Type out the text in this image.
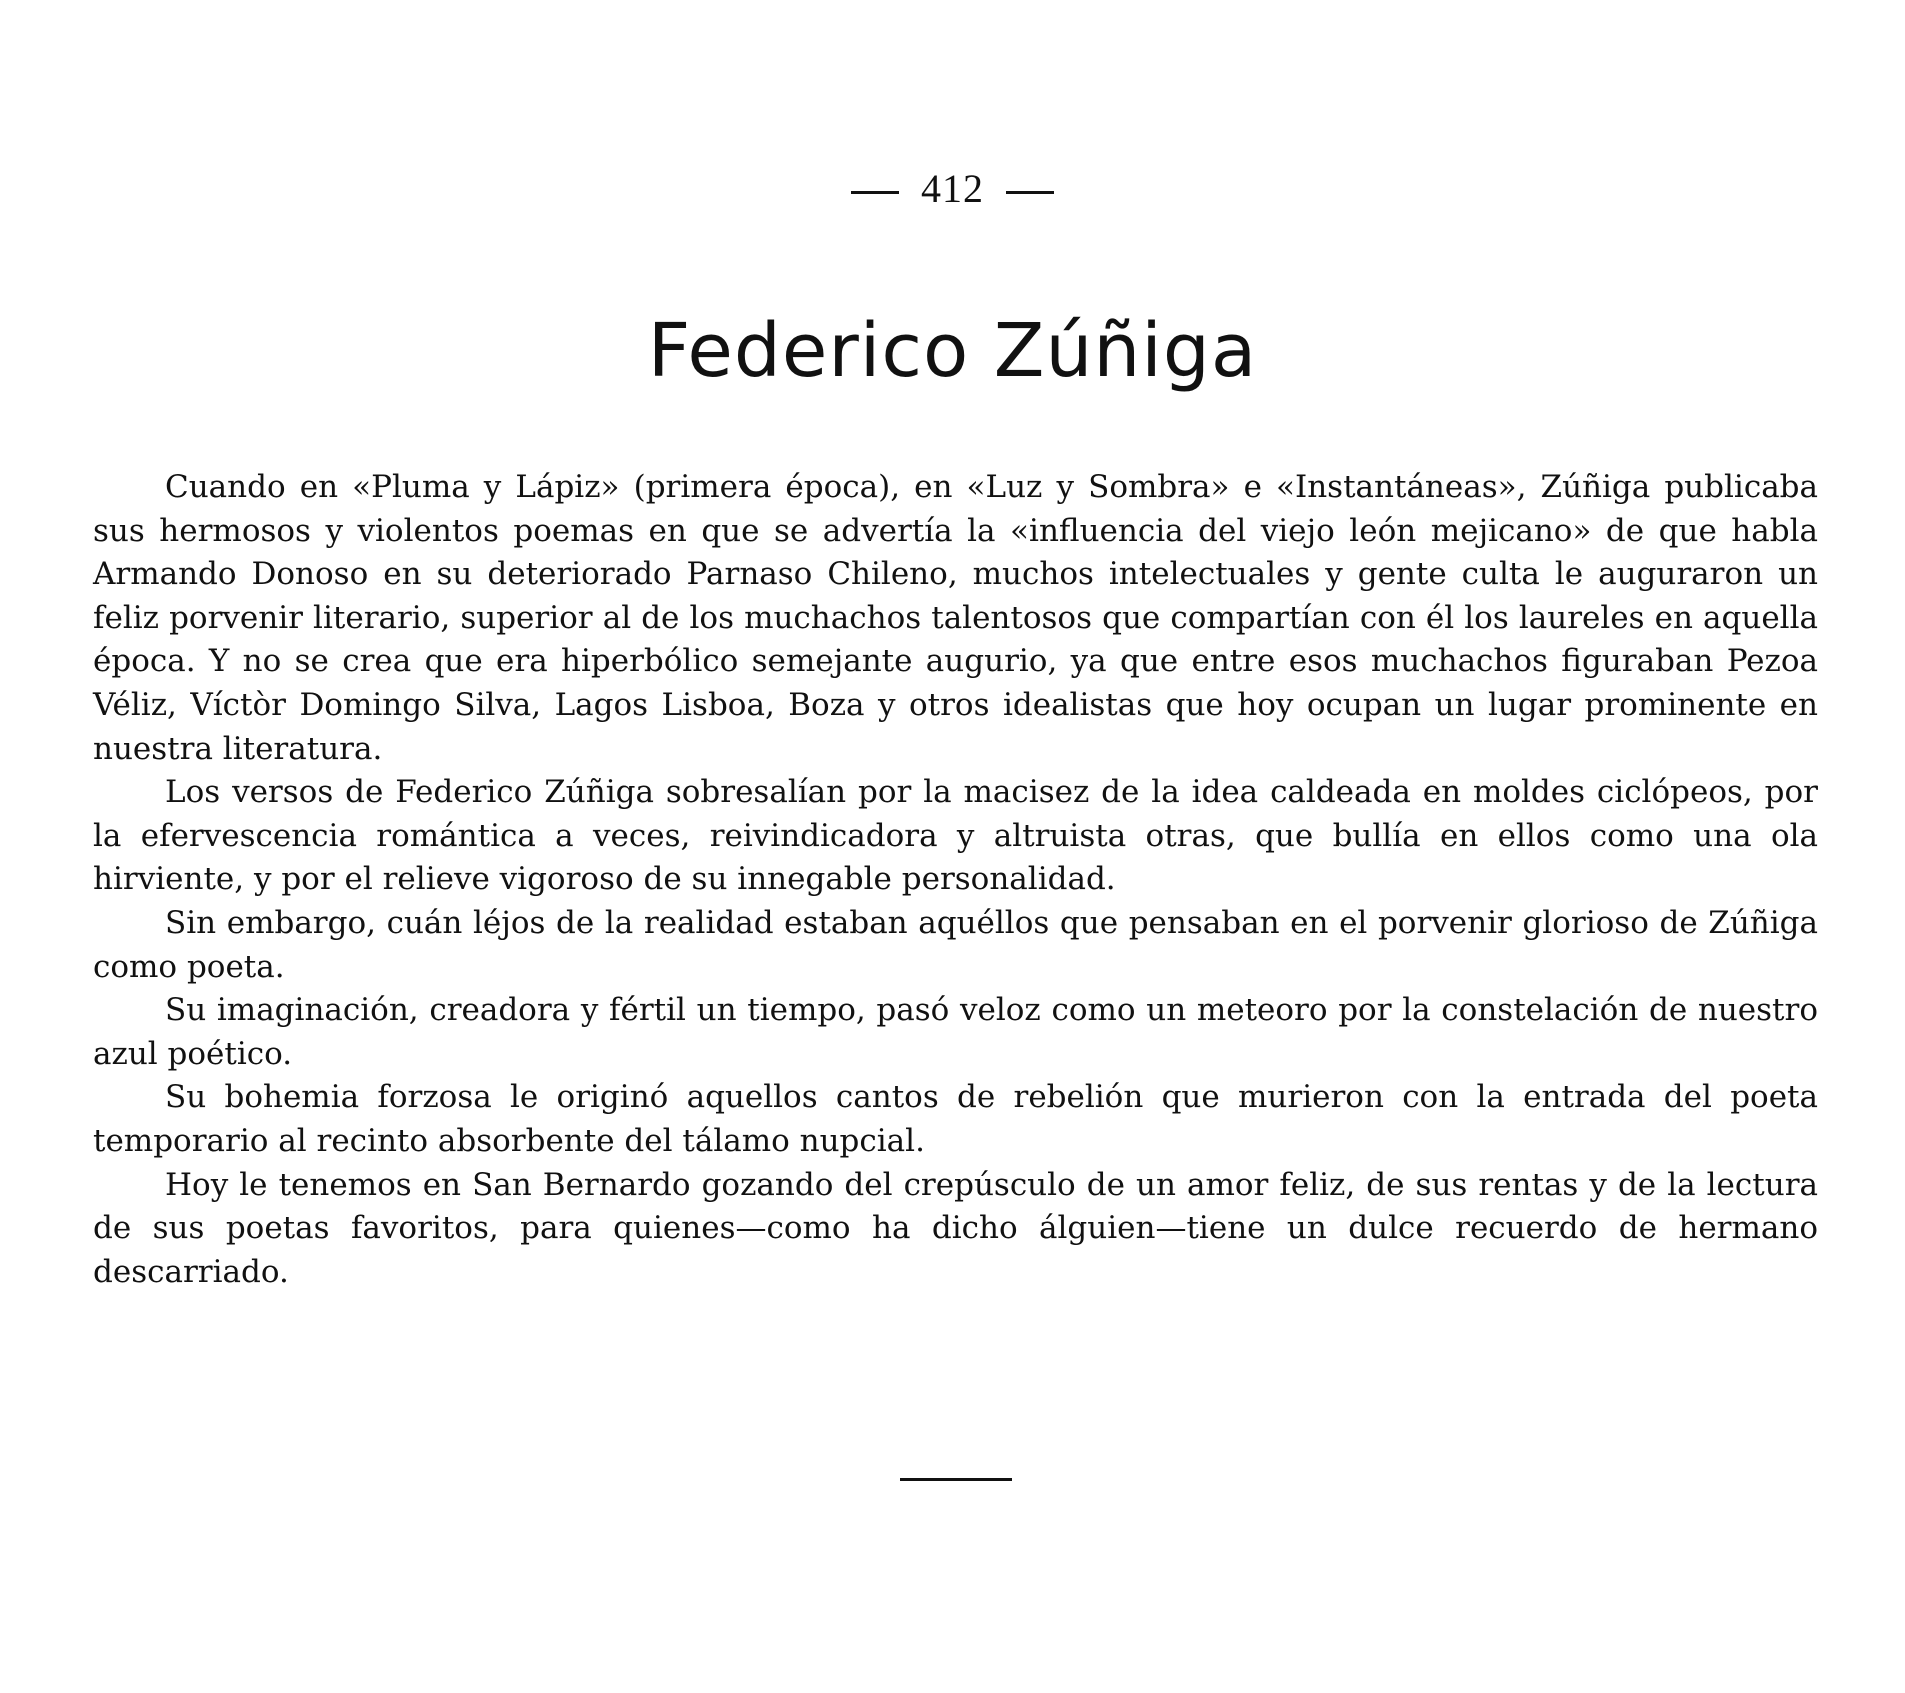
412
Federico Zúñiga

Cuando en «Pluma y Lápiz» (primera época), en «Luz y Sombra» e «Instantáneas», Zúñiga publicaba sus hermosos y violentos poemas en que se advertía la «influencia del viejo león mejicano» de que habla Armando Donoso en su deteriorado Parnaso Chileno, muchos intelectuales y gente culta le auguraron un feliz porvenir literario, superior al de los muchachos talentosos que compartían con él los laureles en aquella época. Y no se crea que era hiperbólico semejante augurio, ya que entre esos muchachos figuraban Pezoa Véliz, Víctòr Domingo Silva, Lagos Lisboa, Boza y otros idealistas que hoy ocupan un lugar prominente en nuestra literatura.

Los versos de Federico Zúñiga sobresalían por la macisez de la idea caldeada en moldes ciclópeos, por la efervescencia romántica a veces, reivindicadora y altruista otras, que bullía en ellos como una ola hirviente, y por el relieve vigoroso de su innegable personalidad.

Sin embargo, cuán léjos de la realidad estaban aquéllos que pensaban en el porvenir glorioso de Zúñiga como poeta.

Su imaginación, creadora y fértil un tiempo, pasó veloz como un meteoro por la constelación de nuestro azul poético.

Su bohemia forzosa le originó aquellos cantos de rebelión que murieron con la entrada del poeta temporario al recinto absorbente del tálamo nupcial.

Hoy le tenemos en San Bernardo gozando del crepúsculo de un amor feliz, de sus rentas y de la lectura de sus poetas favoritos, para quienes—como ha dicho álguien—tiene un dulce recuerdo de hermano descarriado.
